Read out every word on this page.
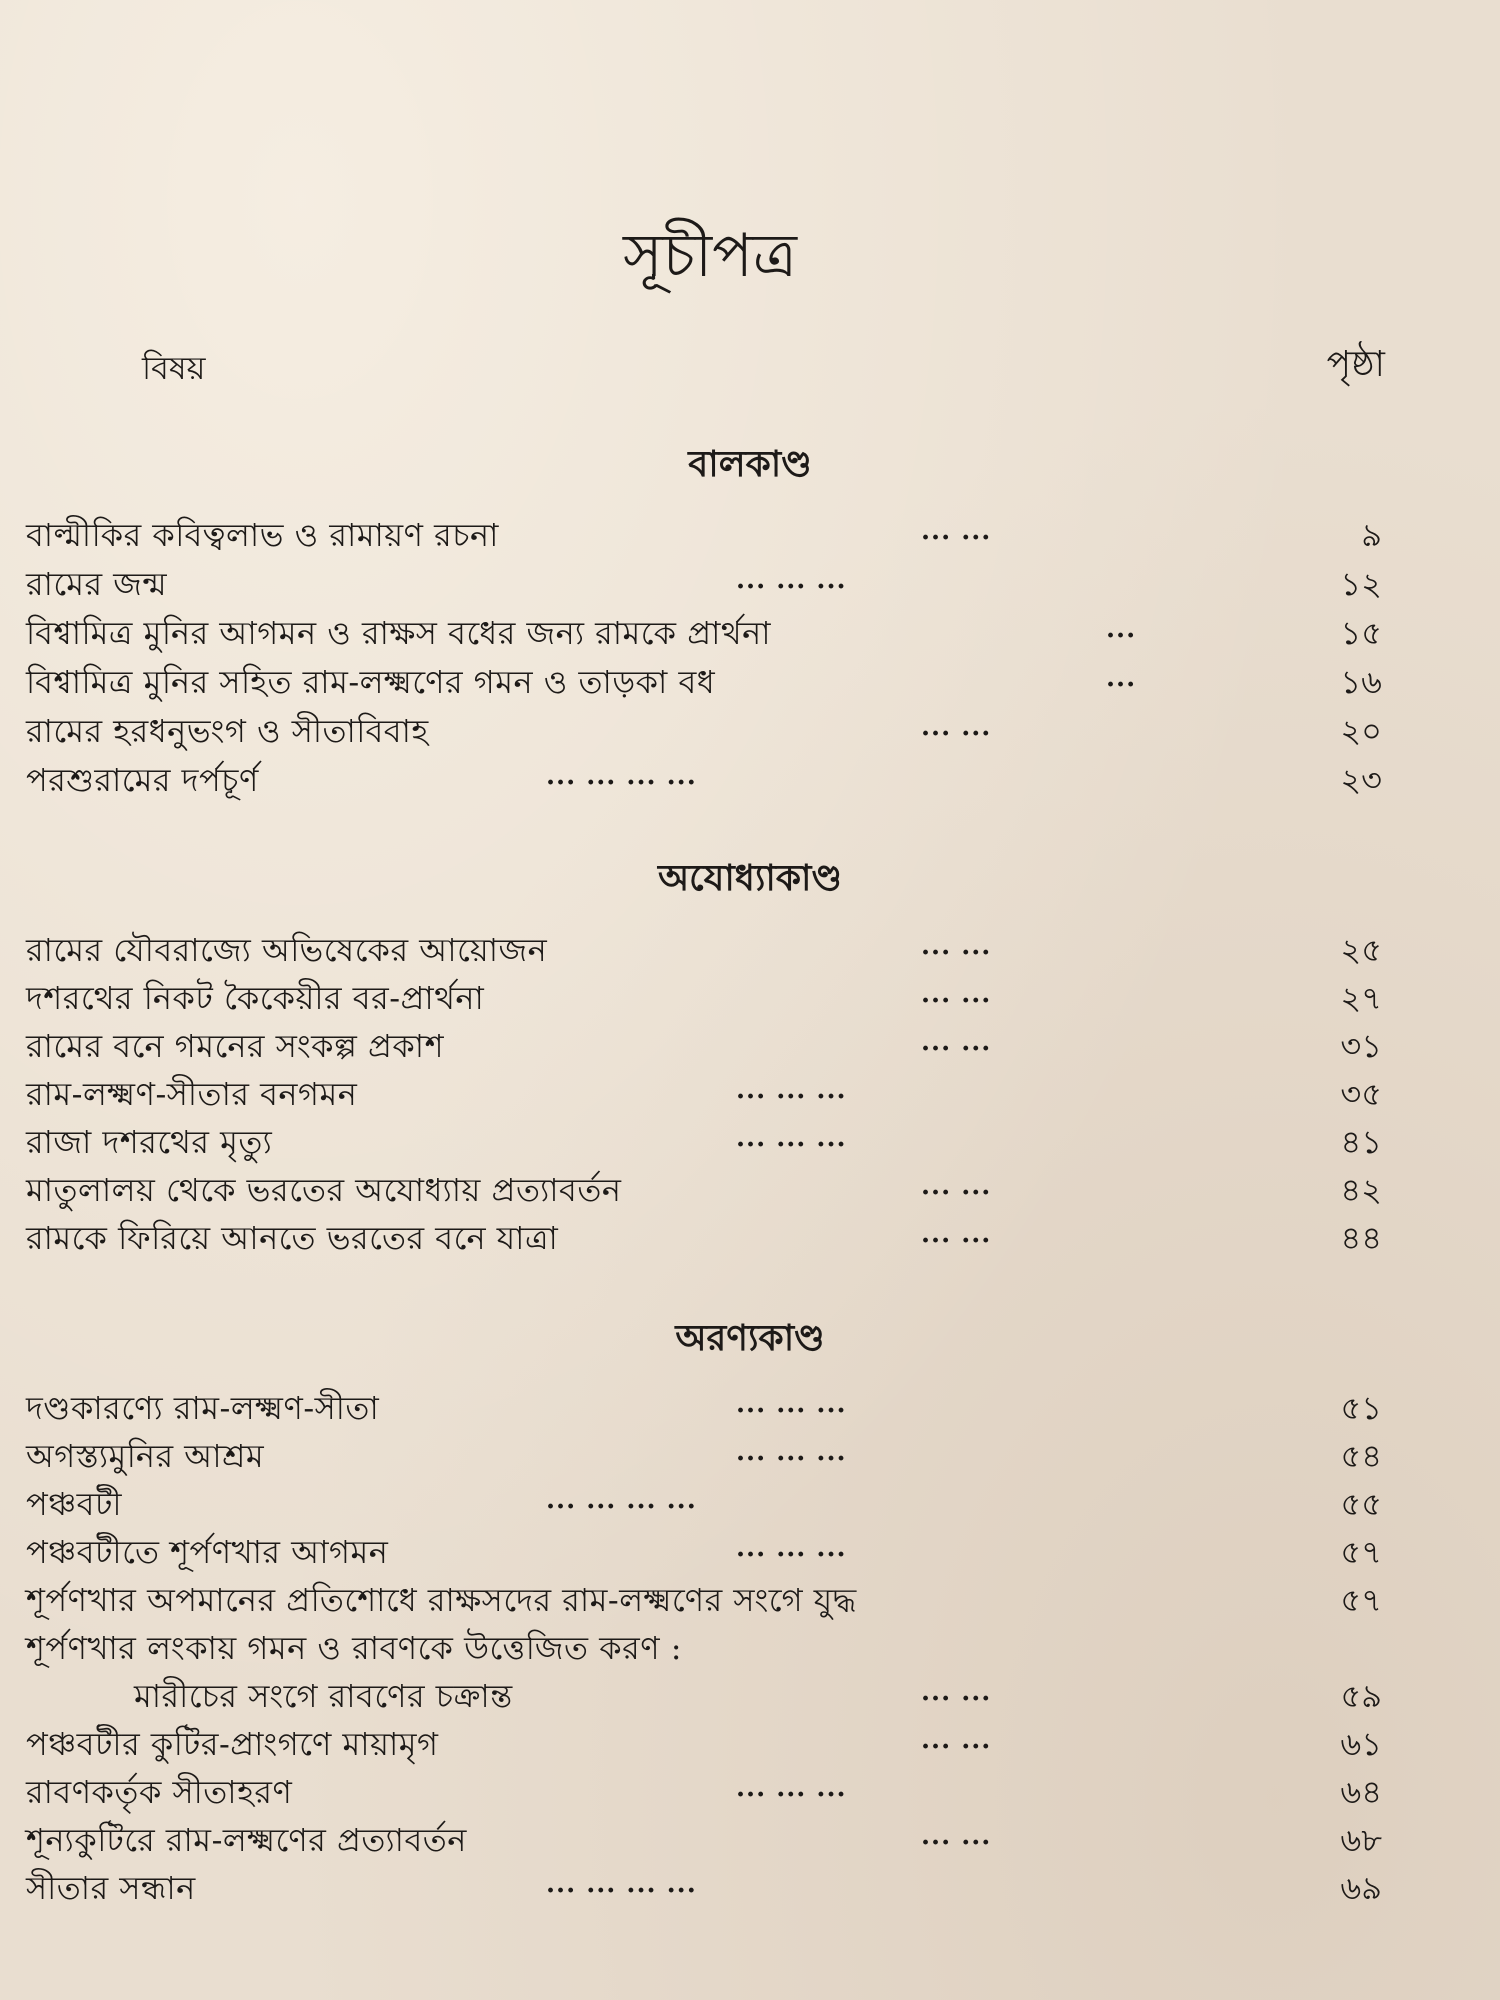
সূচীপত্র
বিষয়	পৃষ্ঠা
বালকাণ্ড
বাল্মীকির কবিত্বলাভ ও রামায়ণ রচনা	... ...	৯
রামের জন্ম	... ... ...	১২
বিশ্বামিত্র মুনির আগমন ও রাক্ষস বধের জন্য রামকে প্রার্থনা	...	১৫
বিশ্বামিত্র মুনির সহিত রাম-লক্ষ্মণের গমন ও তাড়কা বধ	...	১৬
রামের হরধনুভংগ ও সীতাবিবাহ	... ...	২০
পরশুরামের দর্পচূর্ণ	... ... ... ...	২৩
অযোধ্যাকাণ্ড
রামের যৌবরাজ্যে অভিষেকের আয়োজন	... ...	২৫
দশরথের নিকট কৈকেয়ীর বর-প্রার্থনা	... ...	২৭
রামের বনে গমনের সংকল্প প্রকাশ	... ...	৩১
রাম-লক্ষ্মণ-সীতার বনগমন	... ... ...	৩৫
রাজা দশরথের মৃত্যু	... ... ...	৪১
মাতুলালয় থেকে ভরতের অযোধ্যায় প্রত্যাবর্তন	... ...	৪২
রামকে ফিরিয়ে আনতে ভরতের বনে যাত্রা	... ...	৪৪
অরণ্যকাণ্ড
দণ্ডকারণ্যে রাম-লক্ষ্মণ-সীতা	... ... ...	৫১
অগস্ত্যমুনির আশ্রম	... ... ...	৫৪
পঞ্চবটী	... ... ... ...	৫৫
পঞ্চবটীতে শূর্পণখার আগমন	... ... ...	৫৭
শূর্পণখার অপমানের প্রতিশোধে রাক্ষসদের রাম-লক্ষ্মণের সংগে যুদ্ধ	৫৭
শূর্পণখার লংকায় গমন ও রাবণকে উত্তেজিত করণ :
মারীচের সংগে রাবণের চক্রান্ত	... ...	৫৯
পঞ্চবটীর কুটির-প্রাংগণে মায়ামৃগ	... ...	৬১
রাবণকর্তৃক সীতাহরণ	... ... ...	৬৪
শূন্যকুটিরে রাম-লক্ষ্মণের প্রত্যাবর্তন	... ...	৬৮
সীতার সন্ধান	... ... ... ...	৬৯
